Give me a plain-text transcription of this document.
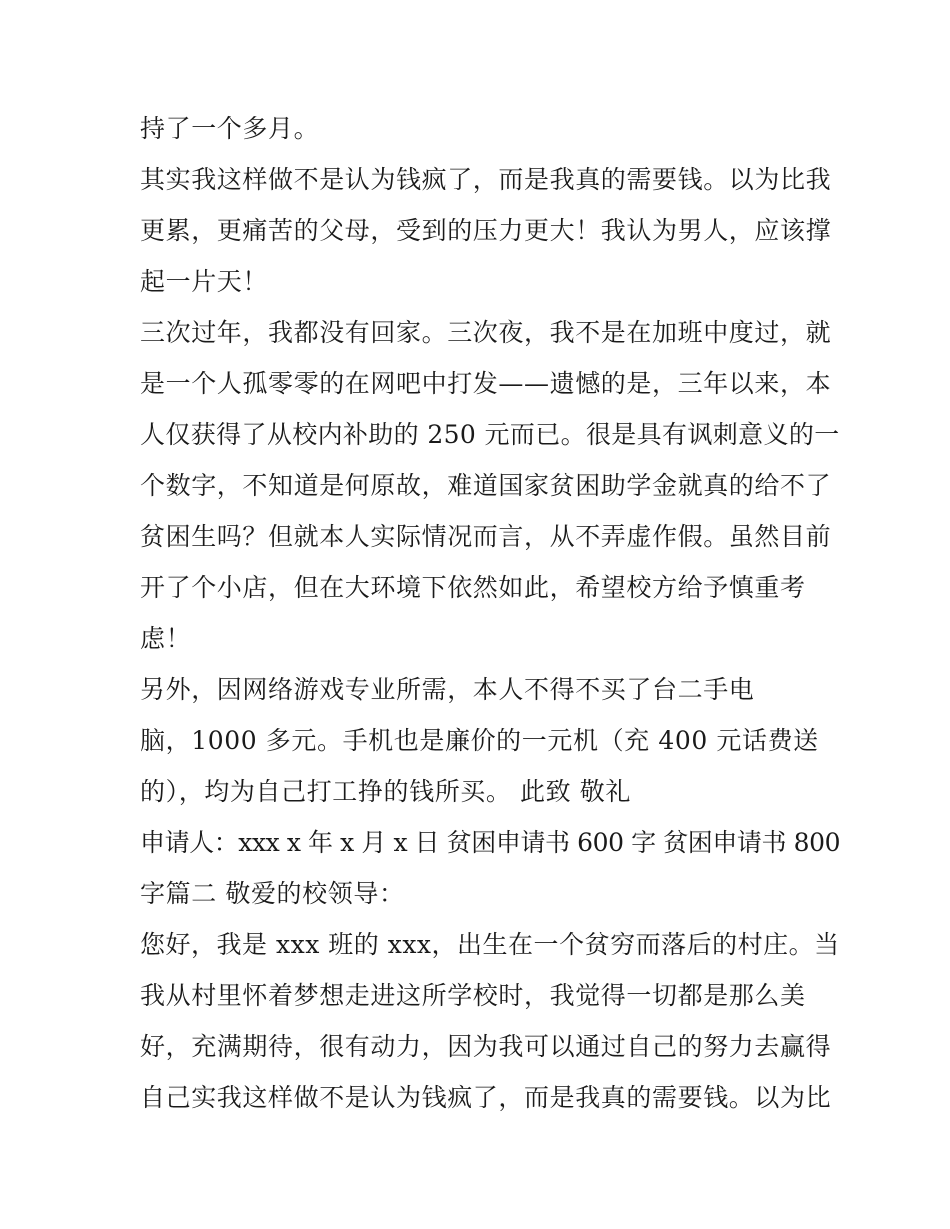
持了一个多月。
其实我这样做不是认为钱疯了，而是我真的需要钱。以为比我
更累，更痛苦的父母，受到的压力更大！我认为男人，应该撑
起一片天！
三次过年，我都没有回家。三次夜，我不是在加班中度过，就
是一个人孤零零的在网吧中打发——遗憾的是，三年以来，本
人仅获得了从校内补助的 250 元而已。很是具有讽刺意义的一
个数字，不知道是何原故，难道国家贫困助学金就真的给不了
贫困生吗？但就本人实际情况而言，从不弄虚作假。虽然目前
开了个小店，但在大环境下依然如此，希望校方给予慎重考
虑！
另外，因网络游戏专业所需，本人不得不买了台二手电
脑，1000 多元。手机也是廉价的一元机（充 400 元话费送
的），均为自己打工挣的钱所买。 此致 敬礼
申请人：xxx x 年 x 月 x 日 贫困申请书 600 字 贫困申请书 800
字篇二 敬爱的校领导：
您好，我是 xxx 班的 xxx，出生在一个贫穷而落后的村庄。当
我从村里怀着梦想走进这所学校时，我觉得一切都是那么美
好，充满期待，很有动力，因为我可以通过自己的努力去赢得
自己实我这样做不是认为钱疯了，而是我真的需要钱。以为比
